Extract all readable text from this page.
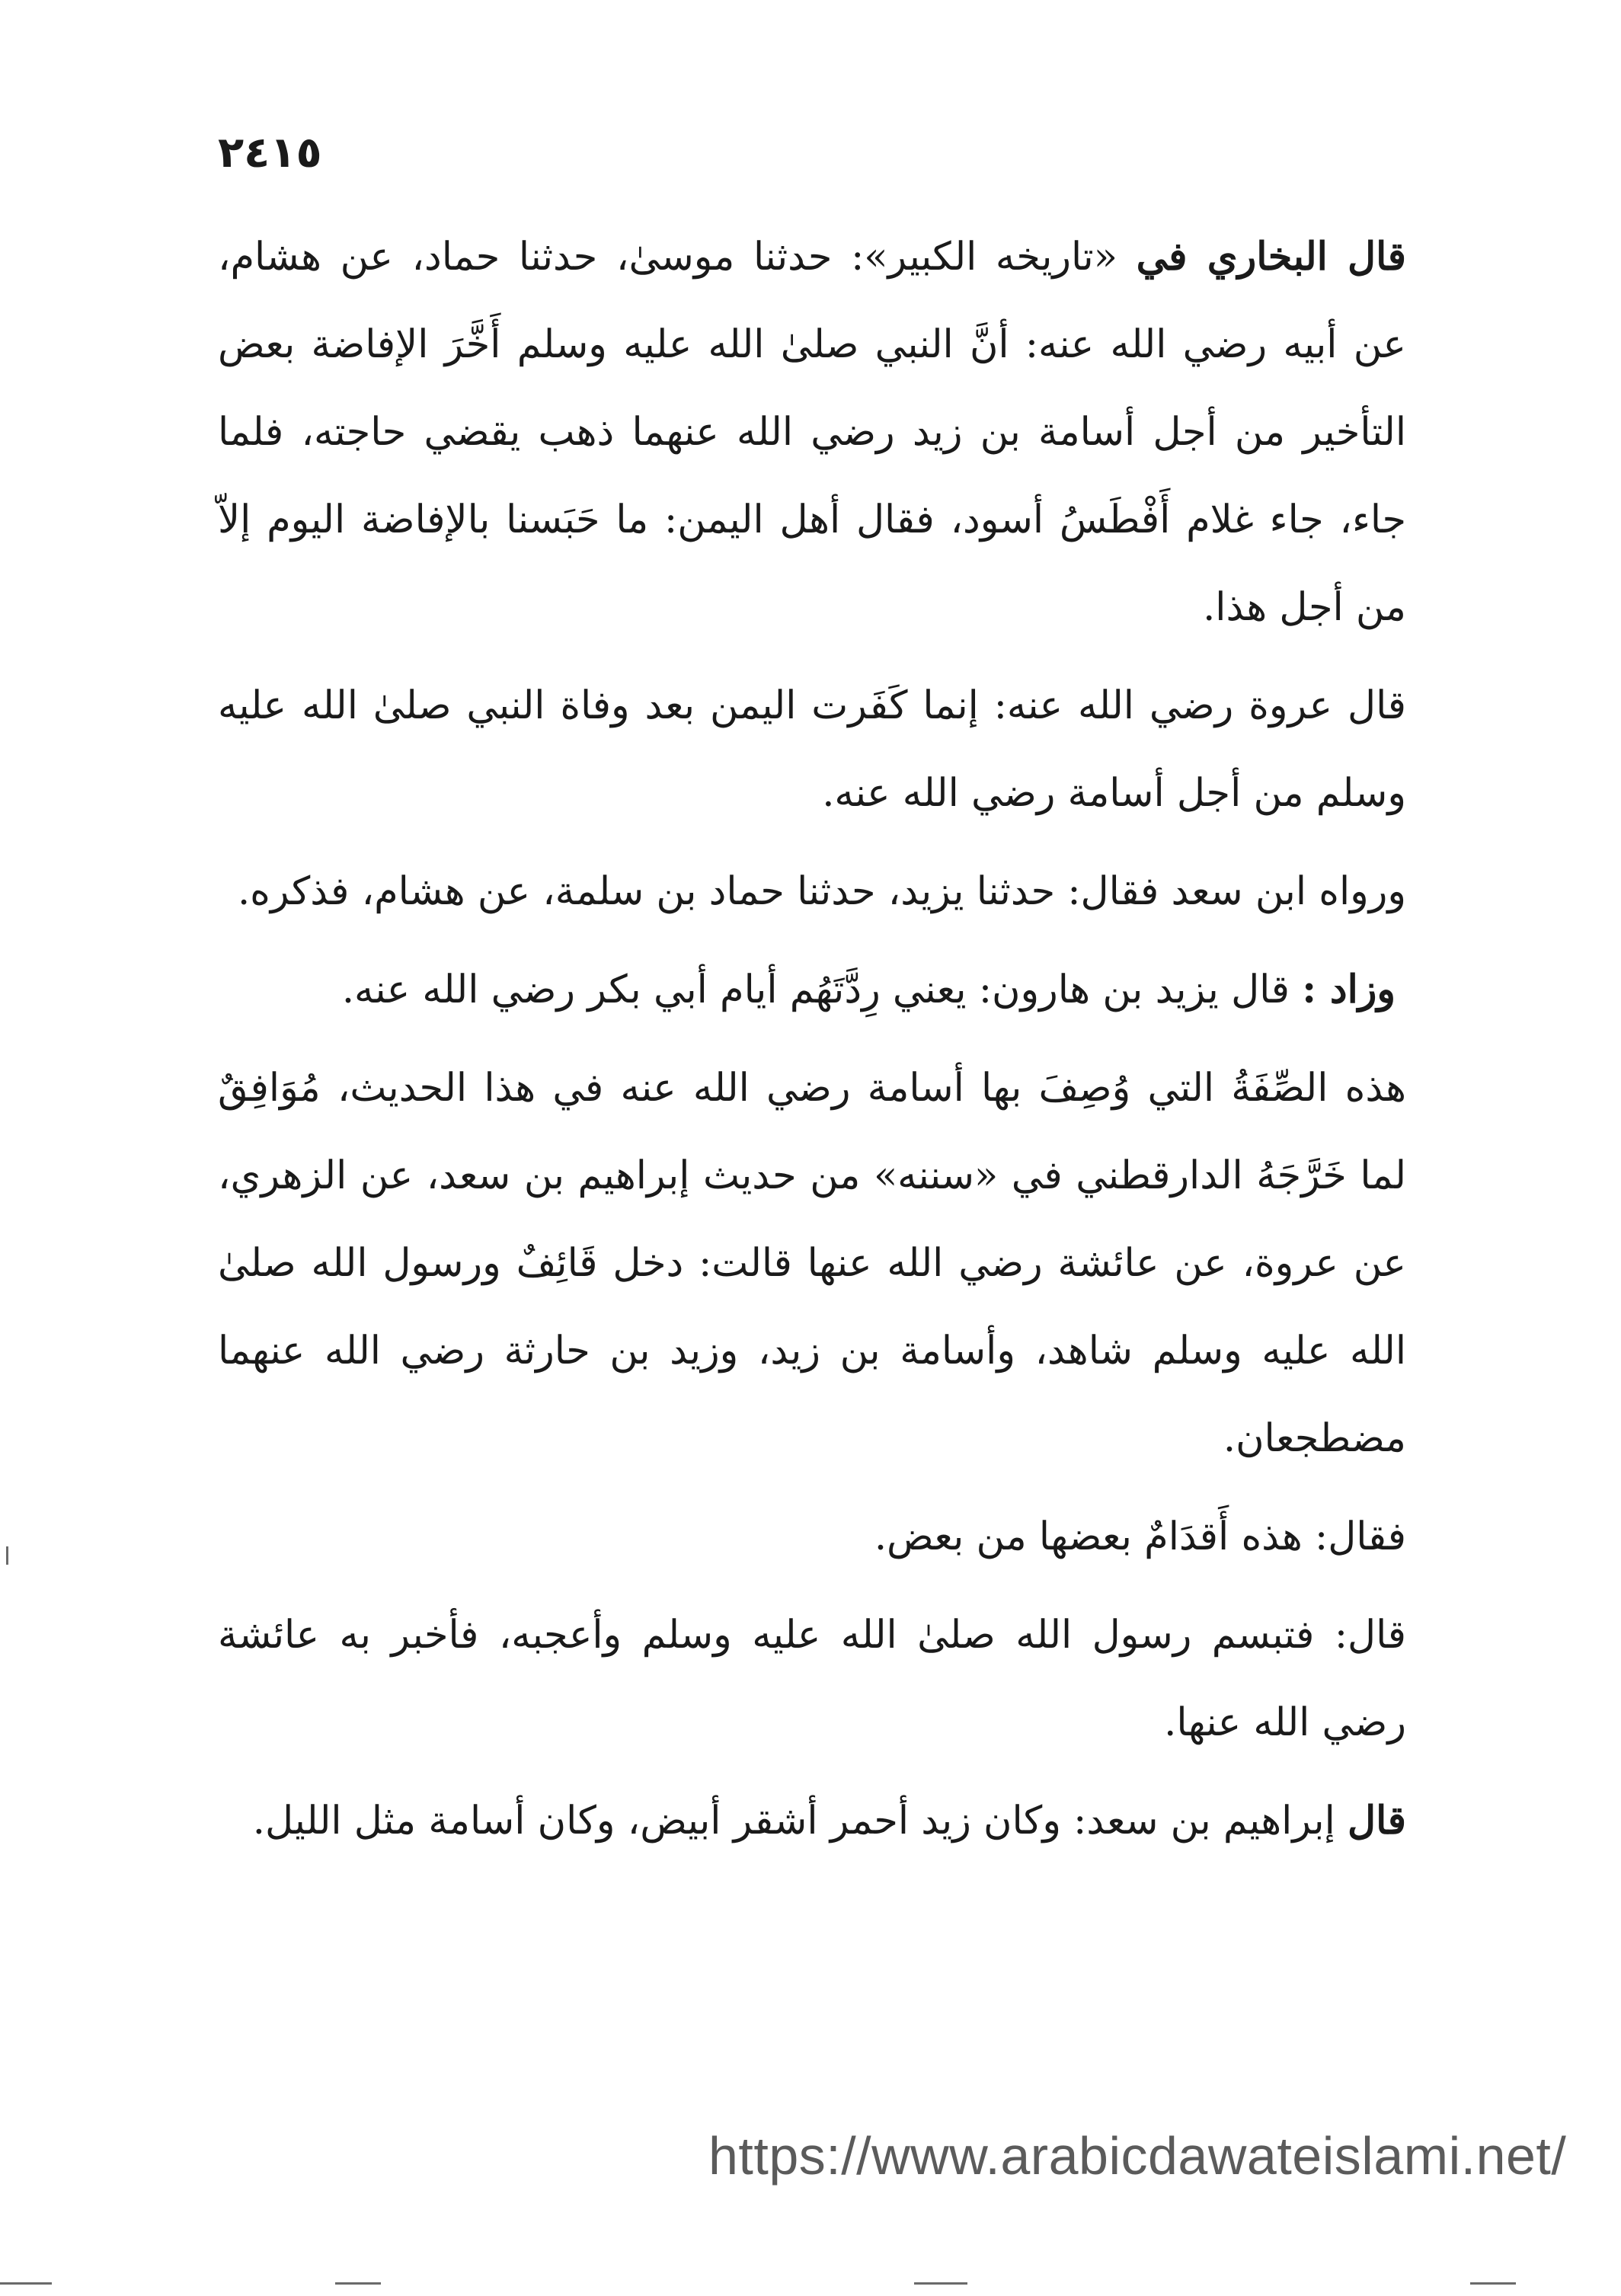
٢٤١٥

قال البخاري في «تاريخه الكبير»: حدثنا موسىٰ، حدثنا حماد، عن هشام، عن أبيه رضي الله عنه: أنَّ النبي صلىٰ الله عليه وسلم أَخَّرَ الإفاضة بعض التأخير من أجل أسامة بن زيد رضي الله عنهما ذهب يقضي حاجته، فلما جاء، جاء غلام أَفْطَسُ أسود، فقال أهل اليمن: ما حَبَسنا بالإفاضة اليوم إلاّ من أجل هذا.

قال عروة رضي الله عنه: إنما كَفَرت اليمن بعد وفاة النبي صلىٰ الله عليه وسلم من أجل أسامة رضي الله عنه.

ورواه ابن سعد فقال: حدثنا يزيد، حدثنا حماد بن سلمة، عن هشام، فذكره.

وزاد : قال يزيد بن هارون: يعني رِدَّتَهُم أيام أبي بكر رضي الله عنه.

هذه الصِّفَةُ التي وُصِفَ بها أسامة رضي الله عنه في هذا الحديث، مُوَافِقٌ لما خَرَّجَهُ الدارقطني في «سننه» من حديث إبراهيم بن سعد، عن الزهري، عن عروة، عن عائشة رضي الله عنها قالت: دخل قَائِفٌ ورسول الله صلىٰ الله عليه وسلم شاهد، وأسامة بن زيد، وزيد بن حارثة رضي الله عنهما مضطجعان.

فقال: هذه أَقدَامٌ بعضها من بعض.

قال: فتبسم رسول الله صلىٰ الله عليه وسلم وأعجبه، فأخبر به عائشة رضي الله عنها.

قال إبراهيم بن سعد: وكان زيد أحمر أشقر أبيض، وكان أسامة مثل الليل.

https://www.arabicdawateislami.net/
